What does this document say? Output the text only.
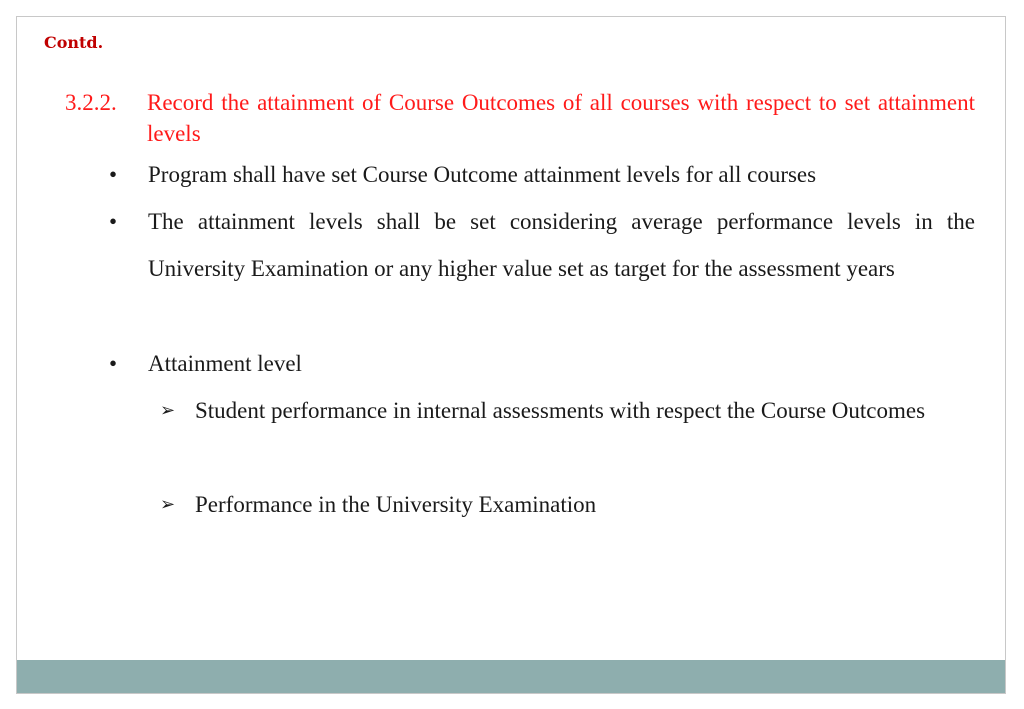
Contd.
3.2.2. Record the attainment of Course Outcomes of all courses with respect to set attainment levels
•	Program shall have set Course Outcome attainment levels for all courses
•	The attainment levels shall be set considering average performance levels in the University Examination or any higher value set as target for the assessment years
•	Attainment level
➢ Student performance in internal assessments with respect the Course Outcomes
➢ Performance in the University Examination
